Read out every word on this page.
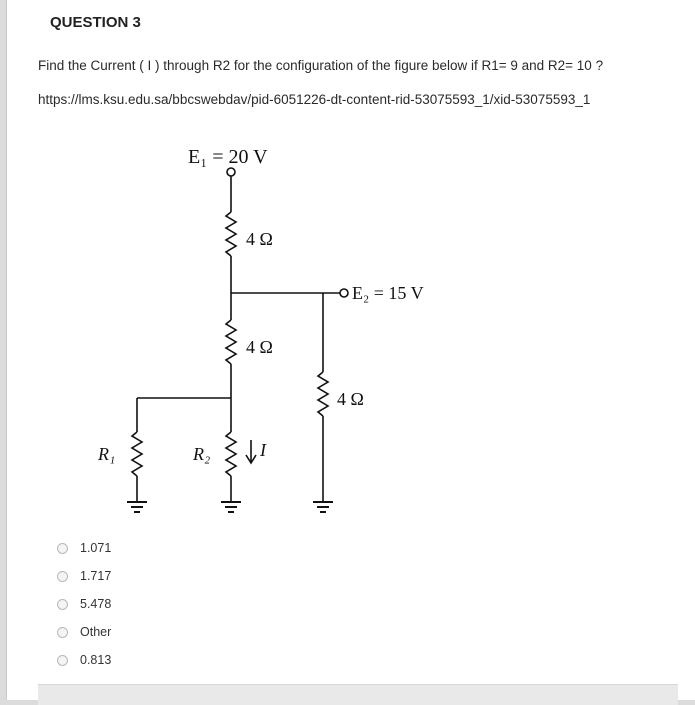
QUESTION 3
Find the Current ( I ) through R2 for the configuration of the figure below if R1= 9 and R2= 10 ?
https://lms.ksu.edu.sa/bbcswebdav/pid-6051226-dt-content-rid-53075593_1/xid-53075593_1
E₁ = 20 V
E₂ = 15 V
4 Ω
4 Ω
4 Ω
R₁	R₂	I
1.071
1.717
5.478
Other
0.813
